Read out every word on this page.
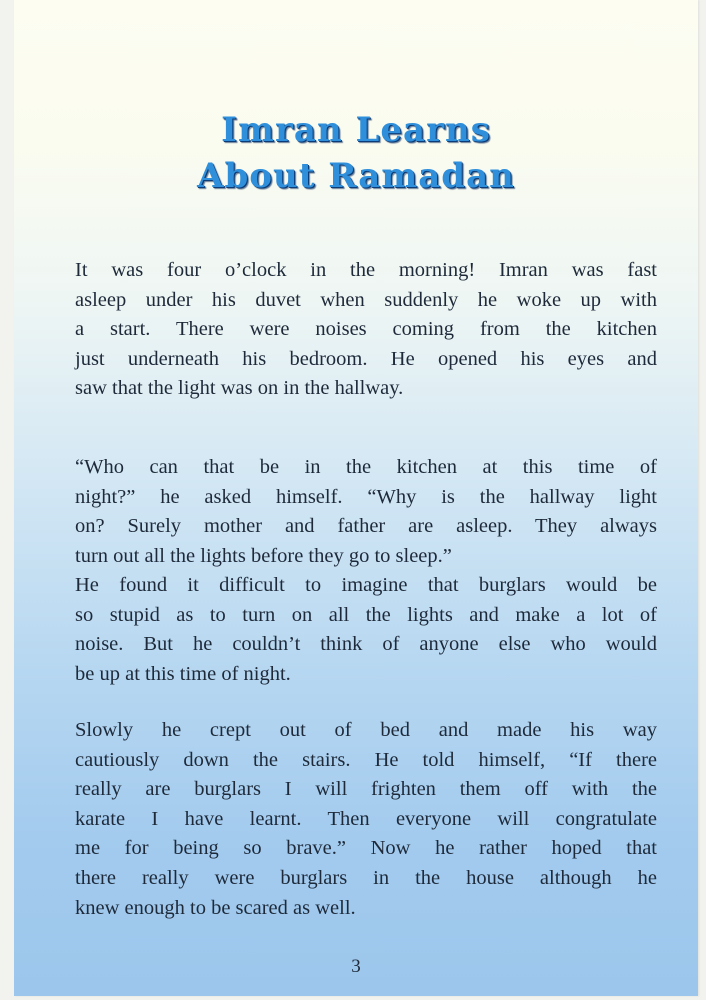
Imran Learns
About Ramadan
It was four o’clock in the morning! Imran was fast
asleep under his duvet when suddenly he woke up with
a start. There were noises coming from the kitchen
just underneath his bedroom. He opened his eyes and
saw that the light was on in the hallway.
“Who can that be in the kitchen at this time of
night?” he asked himself. “Why is the hallway light
on? Surely mother and father are asleep. They always
turn out all the lights before they go to sleep.”
He found it difficult to imagine that burglars would be
so stupid as to turn on all the lights and make a lot of
noise. But he couldn’t think of anyone else who would
be up at this time of night.
Slowly he crept out of bed and made his way
cautiously down the stairs. He told himself, “If there
really are burglars I will frighten them off with the
karate I have learnt. Then everyone will congratulate
me for being so brave.” Now he rather hoped that
there really were burglars in the house although he
knew enough to be scared as well.
3
